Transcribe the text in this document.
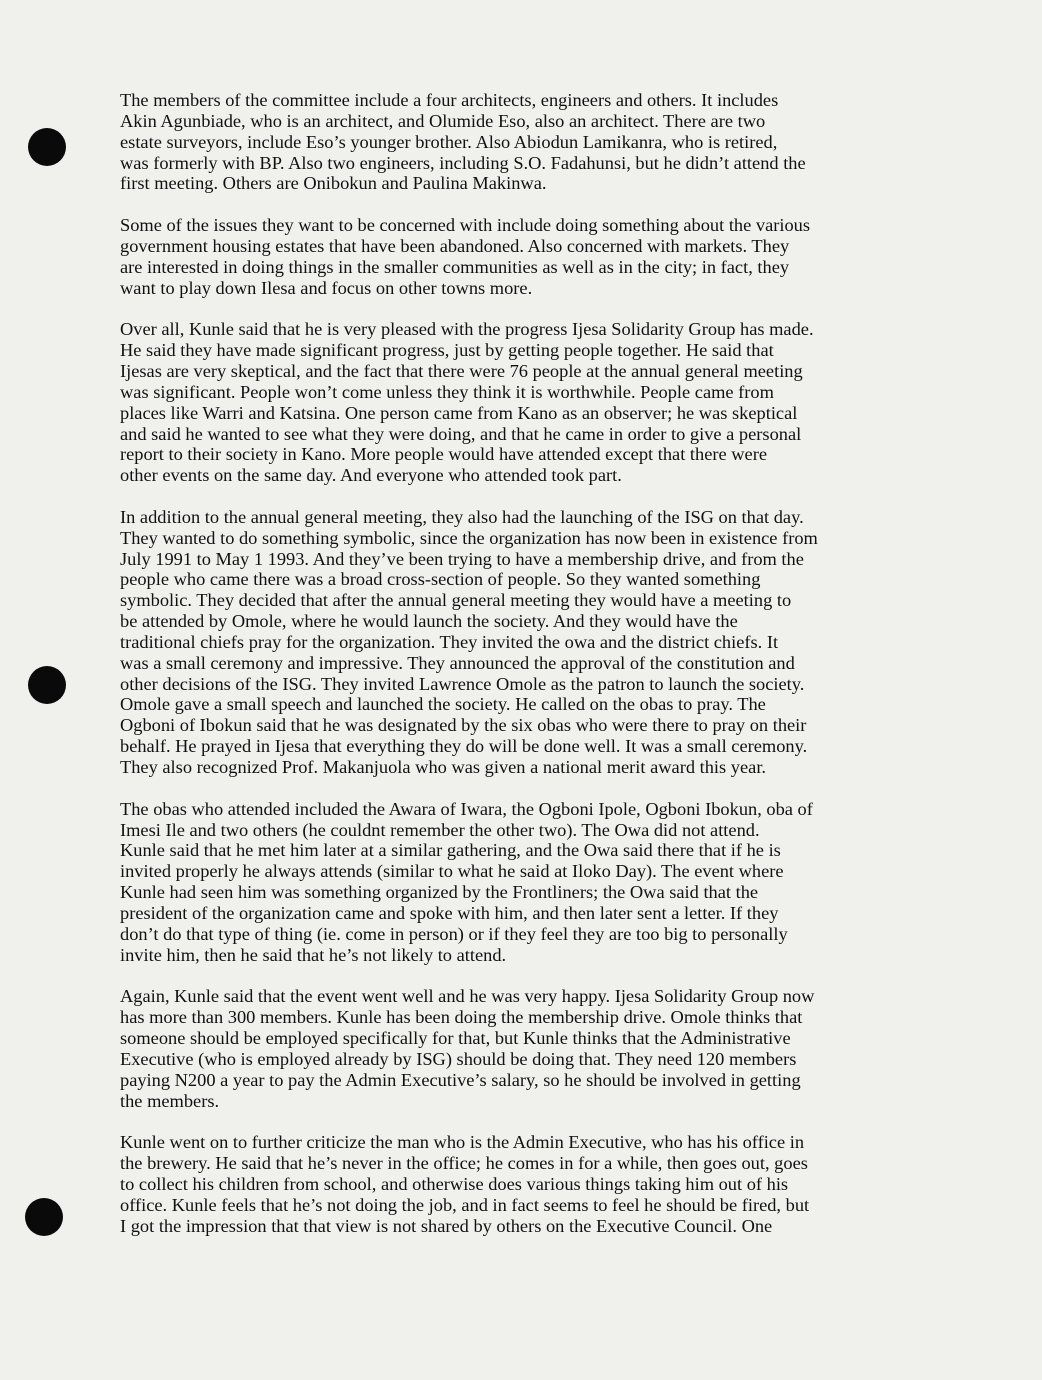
The members of the committee include a four architects, engineers and others. It includes
Akin Agunbiade, who is an architect, and Olumide Eso, also an architect. There are two
estate surveyors, include Eso’s younger brother. Also Abiodun Lamikanra, who is retired,
was formerly with BP. Also two engineers, including S.O. Fadahunsi, but he didn’t attend the
first meeting. Others are Onibokun and Paulina Makinwa.
Some of the issues they want to be concerned with include doing something about the various
government housing estates that have been abandoned. Also concerned with markets. They
are interested in doing things in the smaller communities as well as in the city; in fact, they
want to play down Ilesa and focus on other towns more.
Over all, Kunle said that he is very pleased with the progress Ijesa Solidarity Group has made.
He said they have made significant progress, just by getting people together. He said that
Ijesas are very skeptical, and the fact that there were 76 people at the annual general meeting
was significant. People won’t come unless they think it is worthwhile. People came from
places like Warri and Katsina. One person came from Kano as an observer; he was skeptical
and said he wanted to see what they were doing, and that he came in order to give a personal
report to their society in Kano. More people would have attended except that there were
other events on the same day. And everyone who attended took part.
In addition to the annual general meeting, they also had the launching of the ISG on that day.
They wanted to do something symbolic, since the organization has now been in existence from
July 1991 to May 1 1993. And they’ve been trying to have a membership drive, and from the
people who came there was a broad cross-section of people. So they wanted something
symbolic. They decided that after the annual general meeting they would have a meeting to
be attended by Omole, where he would launch the society. And they would have the
traditional chiefs pray for the organization. They invited the owa and the district chiefs. It
was a small ceremony and impressive. They announced the approval of the constitution and
other decisions of the ISG. They invited Lawrence Omole as the patron to launch the society.
Omole gave a small speech and launched the society. He called on the obas to pray. The
Ogboni of Ibokun said that he was designated by the six obas who were there to pray on their
behalf. He prayed in Ijesa that everything they do will be done well. It was a small ceremony.
They also recognized Prof. Makanjuola who was given a national merit award this year.
The obas who attended included the Awara of Iwara, the Ogboni Ipole, Ogboni Ibokun, oba of
Imesi Ile and two others (he couldnt remember the other two). The Owa did not attend.
Kunle said that he met him later at a similar gathering, and the Owa said there that if he is
invited properly he always attends (similar to what he said at Iloko Day). The event where
Kunle had seen him was something organized by the Frontliners; the Owa said that the
president of the organization came and spoke with him, and then later sent a letter. If they
don’t do that type of thing (ie. come in person) or if they feel they are too big to personally
invite him, then he said that he’s not likely to attend.
Again, Kunle said that the event went well and he was very happy. Ijesa Solidarity Group now
has more than 300 members. Kunle has been doing the membership drive. Omole thinks that
someone should be employed specifically for that, but Kunle thinks that the Administrative
Executive (who is employed already by ISG) should be doing that. They need 120 members
paying N200 a year to pay the Admin Executive’s salary, so he should be involved in getting
the members.
Kunle went on to further criticize the man who is the Admin Executive, who has his office in
the brewery. He said that he’s never in the office; he comes in for a while, then goes out, goes
to collect his children from school, and otherwise does various things taking him out of his
office. Kunle feels that he’s not doing the job, and in fact seems to feel he should be fired, but
I got the impression that that view is not shared by others on the Executive Council. One
